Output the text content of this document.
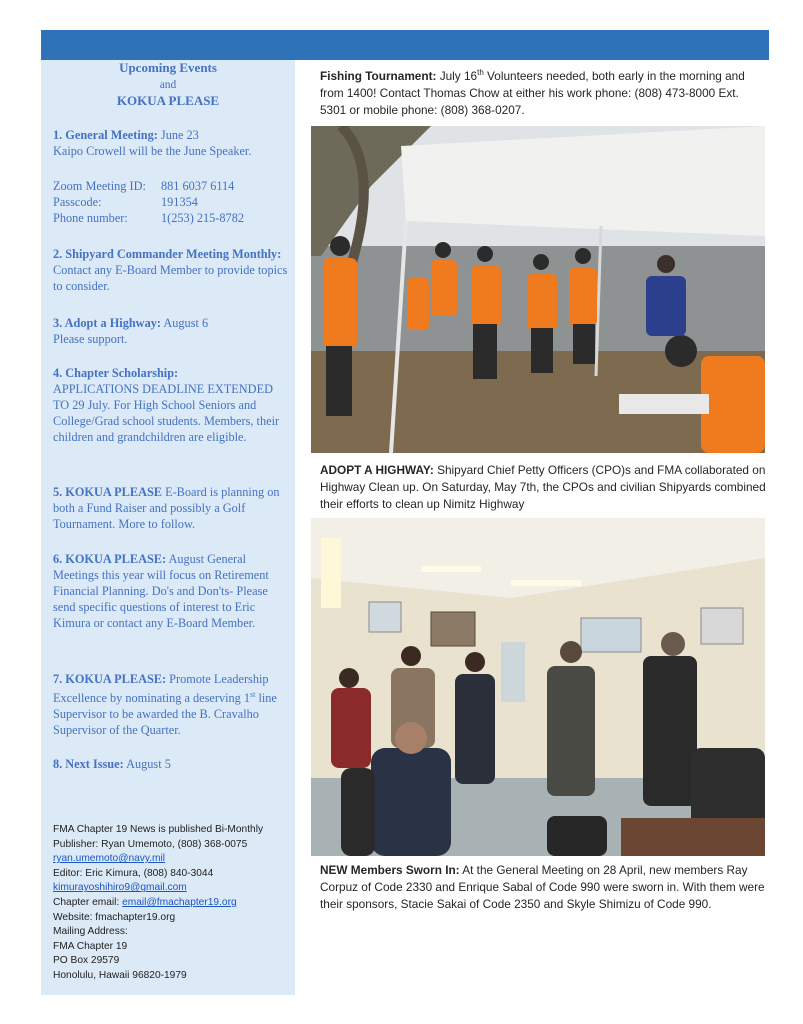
Upcoming Events
and
KOKUA PLEASE
1. General Meeting: June 23
Kaipo Crowell will be the June Speaker.
Zoom Meeting ID:	881 6037 6114
Passcode:	191354
Phone number:	1(253) 215-8782
2. Shipyard Commander Meeting Monthly: Contact any E-Board Member to provide topics to consider.
3. Adopt a Highway: August 6
Please support.
4. Chapter Scholarship:
APPLICATIONS DEADLINE EXTENDED TO 29 July. For High School Seniors and College/Grad school students. Members, their children and grandchildren are eligible.
5. KOKUA PLEASE E-Board is planning on both a Fund Raiser and possibly a Golf Tournament. More to follow.
6. KOKUA PLEASE: August General Meetings this year will focus on Retirement Financial Planning. Do's and Don'ts- Please send specific questions of interest to Eric Kimura or contact any E-Board Member.
7. KOKUA PLEASE: Promote Leadership Excellence by nominating a deserving 1st line Supervisor to be awarded the B. Cravalho Supervisor of the Quarter.
8. Next Issue: August 5
FMA Chapter 19 News is published Bi-Monthly
Publisher: Ryan Umemoto, (808) 368-0075
ryan.umemoto@navy.mil
Editor: Eric Kimura, (808) 840-3044
kimurayoshihiro9@gmail.com
Chapter email: email@fmachapter19.org
Website: fmachapter19.org
Mailing Address:
FMA Chapter 19
PO Box 29579
Honolulu, Hawaii 96820-1979
Fishing Tournament: July 16th Volunteers needed, both early in the morning and from 1400! Contact Thomas Chow at either his work phone: (808) 473-8000 Ext. 5301 or mobile phone: (808) 368-0207.
ADOPT A HIGHWAY: Shipyard Chief Petty Officers (CPO)s and FMA collaborated on Highway Clean up. On Saturday, May 7th, the CPOs and civilian Shipyards combined their efforts to clean up Nimitz Highway
NEW Members Sworn In: At the General Meeting on 28 April, new members Ray Corpuz of Code 2330 and Enrique Sabal of Code 990 were sworn in. With them were their sponsors, Stacie Sakai of Code 2350 and Skyle Shimizu of Code 990.
